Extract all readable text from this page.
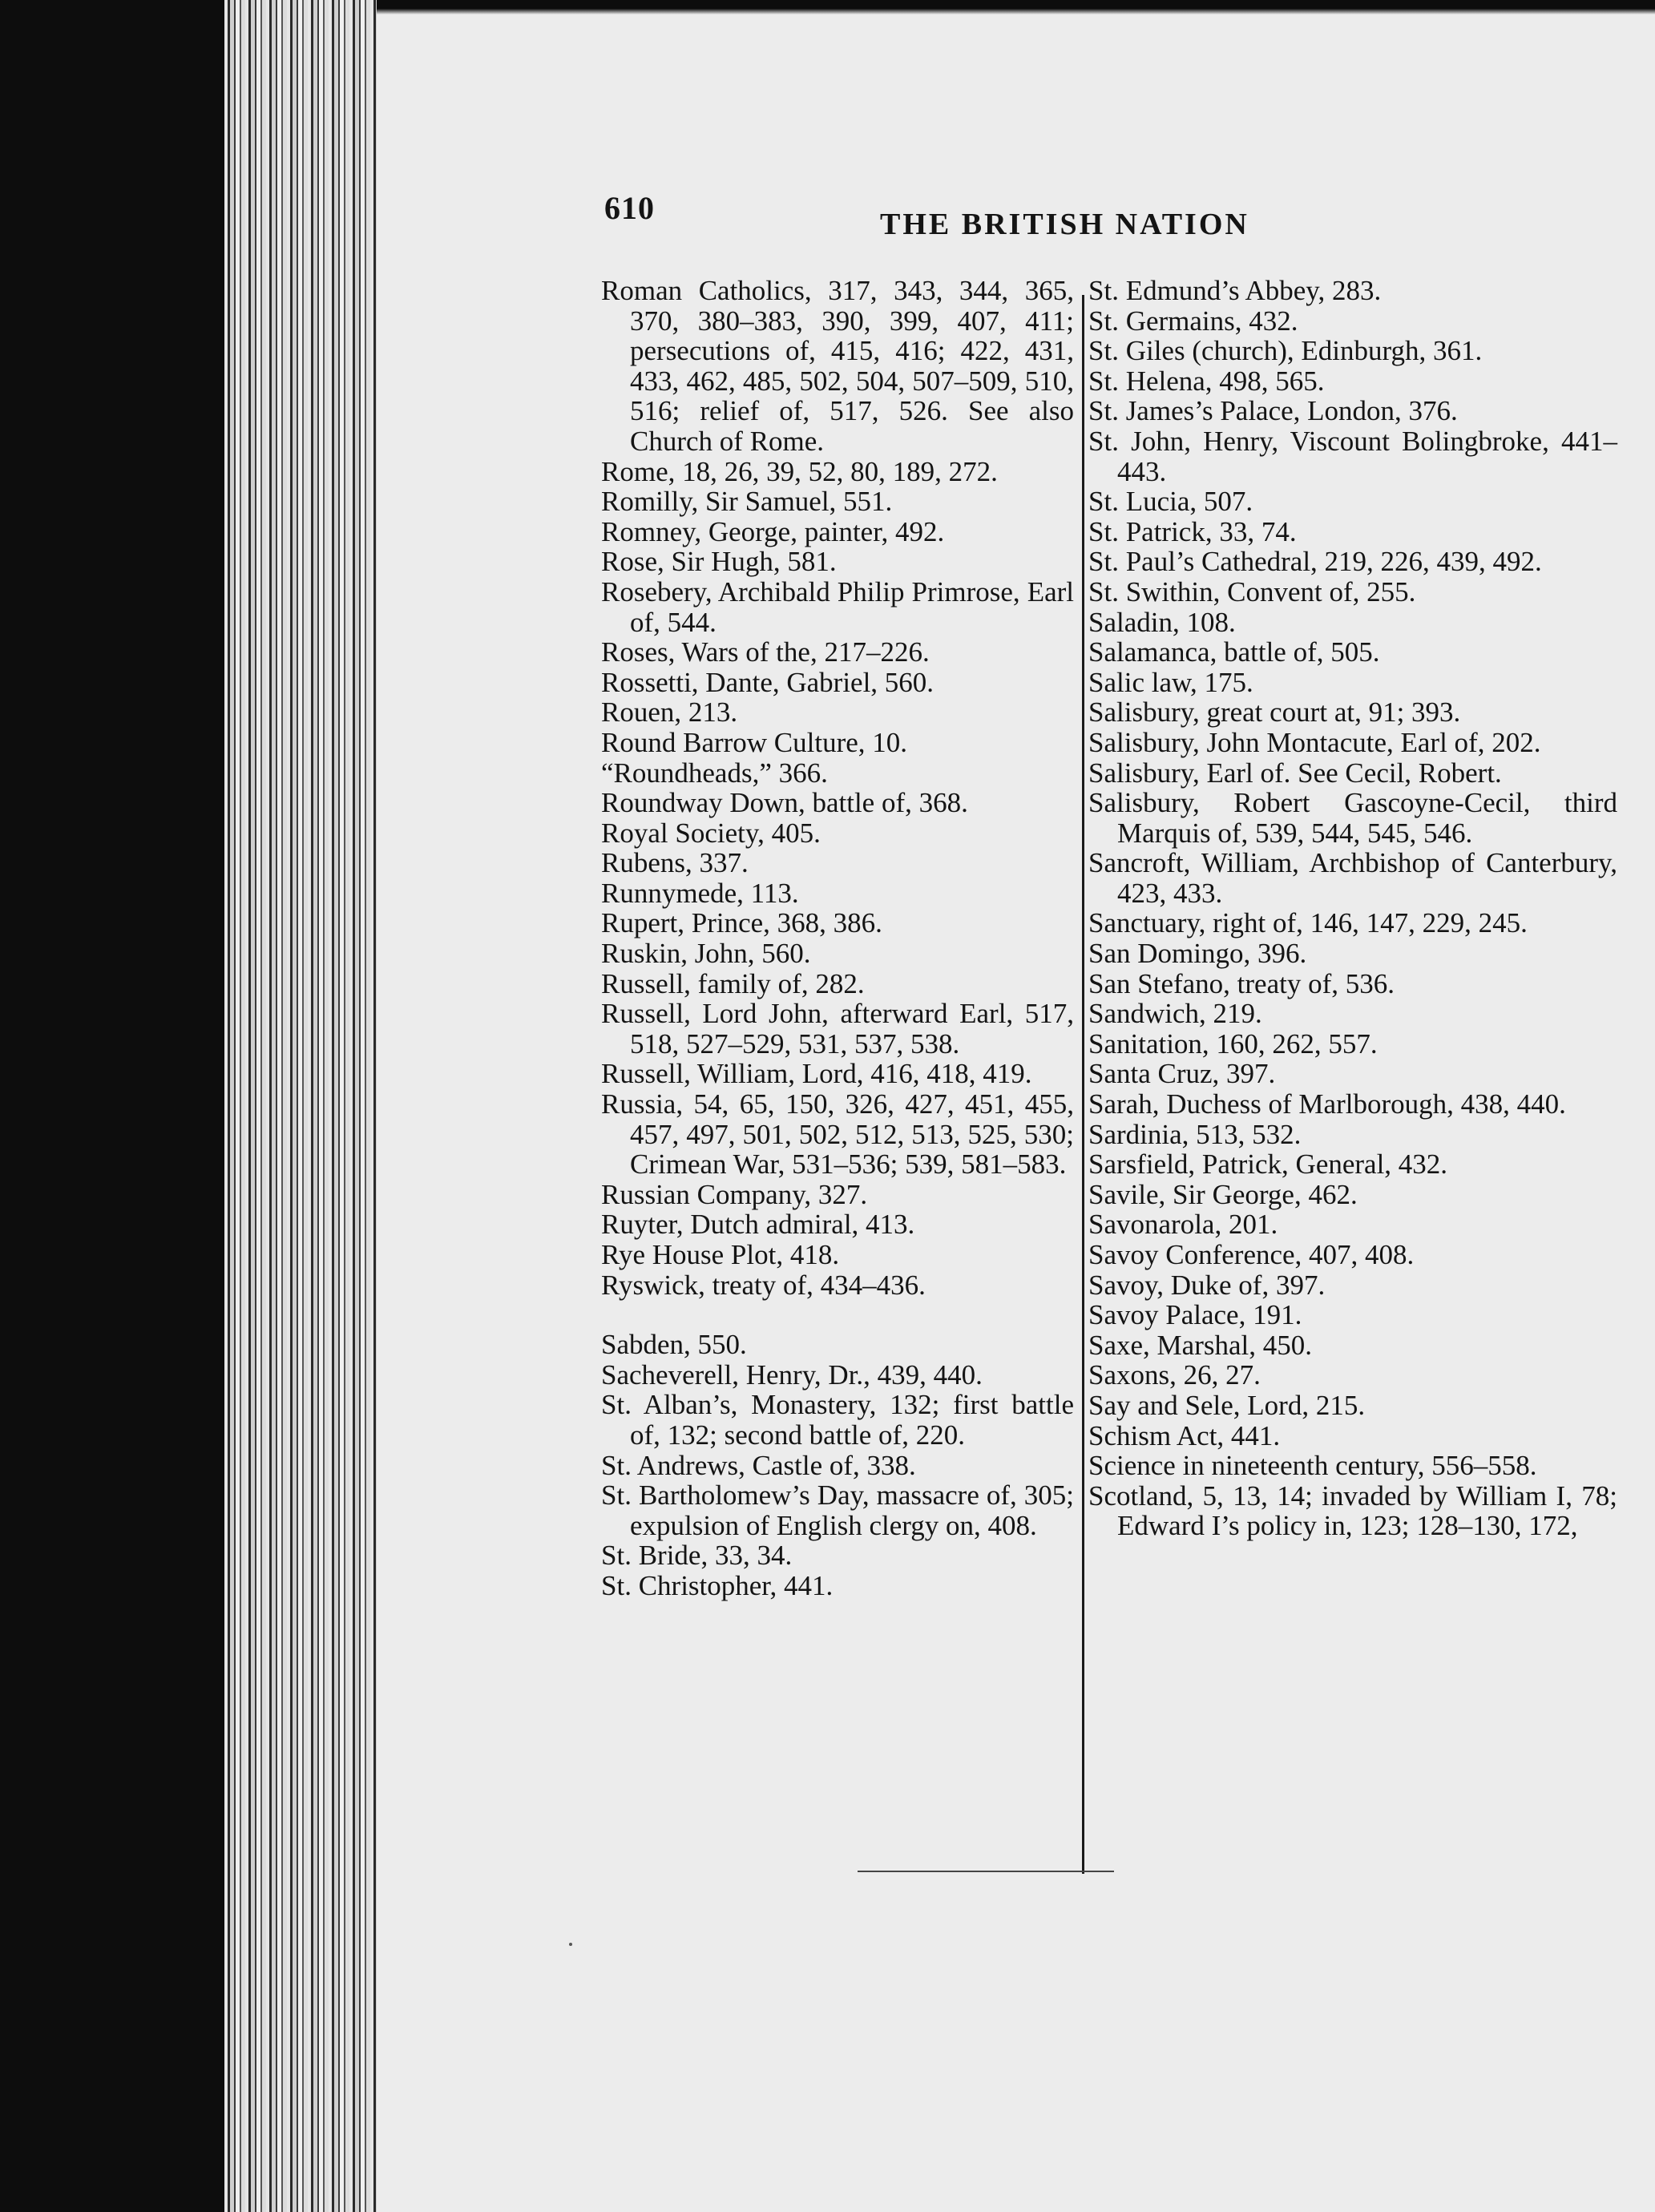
610	THE BRITISH NATION
Roman Catholics, 317, 343, 344, 365, 370, 380–383, 390, 399, 407, 411; persecutions of, 415, 416; 422, 431, 433, 462, 485, 502, 504, 507–509, 510, 516; relief of, 517, 526. See also Church of Rome.
Rome, 18, 26, 39, 52, 80, 189, 272.
Romilly, Sir Samuel, 551.
Romney, George, painter, 492.
Rose, Sir Hugh, 581.
Rosebery, Archibald Philip Primrose, Earl of, 544.
Roses, Wars of the, 217–226.
Rossetti, Dante, Gabriel, 560.
Rouen, 213.
Round Barrow Culture, 10.
“Roundheads,” 366.
Roundway Down, battle of, 368.
Royal Society, 405.
Rubens, 337.
Runnymede, 113.
Rupert, Prince, 368, 386.
Ruskin, John, 560.
Russell, family of, 282.
Russell, Lord John, afterward Earl, 517, 518, 527–529, 531, 537, 538.
Russell, William, Lord, 416, 418, 419.
Russia, 54, 65, 150, 326, 427, 451, 455, 457, 497, 501, 502, 512, 513, 525, 530; Crimean War, 531–536; 539, 581–583.
Russian Company, 327.
Ruyter, Dutch admiral, 413.
Rye House Plot, 418.
Ryswick, treaty of, 434–436.
Sabden, 550.
Sacheverell, Henry, Dr., 439, 440.
St. Alban’s, Monastery, 132; first battle of, 132; second battle of, 220.
St. Andrews, Castle of, 338.
St. Bartholomew’s Day, massacre of, 305; expulsion of English clergy on, 408.
St. Bride, 33, 34.
St. Christopher, 441.
St. Edmund’s Abbey, 283.
St. Germains, 432.
St. Giles (church), Edinburgh, 361.
St. Helena, 498, 565.
St. James’s Palace, London, 376.
St. John, Henry, Viscount Bolingbroke, 441–443.
St. Lucia, 507.
St. Patrick, 33, 74.
St. Paul’s Cathedral, 219, 226, 439, 492.
St. Swithin, Convent of, 255.
Saladin, 108.
Salamanca, battle of, 505.
Salic law, 175.
Salisbury, great court at, 91; 393.
Salisbury, John Montacute, Earl of, 202.
Salisbury, Earl of. See Cecil, Robert.
Salisbury, Robert Gascoyne-Cecil, third Marquis of, 539, 544, 545, 546.
Sancroft, William, Archbishop of Canterbury, 423, 433.
Sanctuary, right of, 146, 147, 229, 245.
San Domingo, 396.
San Stefano, treaty of, 536.
Sandwich, 219.
Sanitation, 160, 262, 557.
Santa Cruz, 397.
Sarah, Duchess of Marlborough, 438, 440.
Sardinia, 513, 532.
Sarsfield, Patrick, General, 432.
Savile, Sir George, 462.
Savonarola, 201.
Savoy Conference, 407, 408.
Savoy, Duke of, 397.
Savoy Palace, 191.
Saxe, Marshal, 450.
Saxons, 26, 27.
Say and Sele, Lord, 215.
Schism Act, 441.
Science in nineteenth century, 556–558.
Scotland, 5, 13, 14; invaded by William I, 78; Edward I’s policy in, 123; 128–130, 172,
